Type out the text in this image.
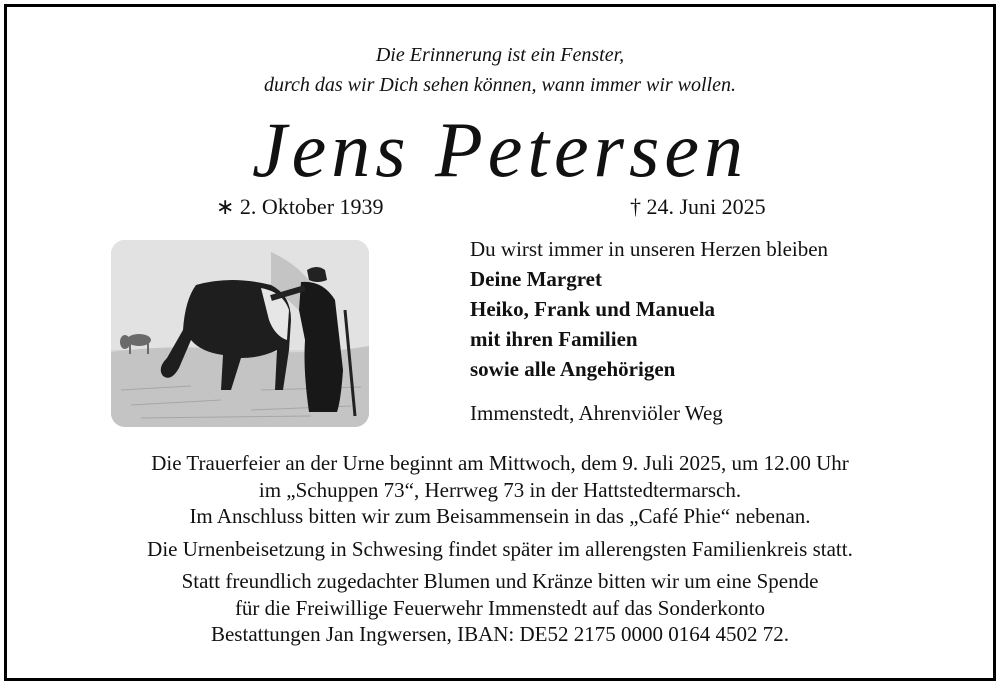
Die Erinnerung ist ein Fenster,
durch das wir Dich sehen können, wann immer wir wollen.
Jens Petersen
∗ 2. Oktober 1939	† 24. Juni 2025
Du wirst immer in unseren Herzen bleiben
Deine Margret
Heiko, Frank und Manuela
mit ihren Familien
sowie alle Angehörigen
Immenstedt, Ahrenviöler Weg
Die Trauerfeier an der Urne beginnt am Mittwoch, dem 9. Juli 2025, um 12.00 Uhr
im „Schuppen 73“, Herrweg 73 in der Hattstedtermarsch.
Im Anschluss bitten wir zum Beisammensein in das „Café Phie“ nebenan.
Die Urnenbeisetzung in Schwesing findet später im allerengsten Familienkreis statt.
Statt freundlich zugedachter Blumen und Kränze bitten wir um eine Spende
für die Freiwillige Feuerwehr Immenstedt auf das Sonderkonto
Bestattungen Jan Ingwersen, IBAN: DE52 2175 0000 0164 4502 72.
